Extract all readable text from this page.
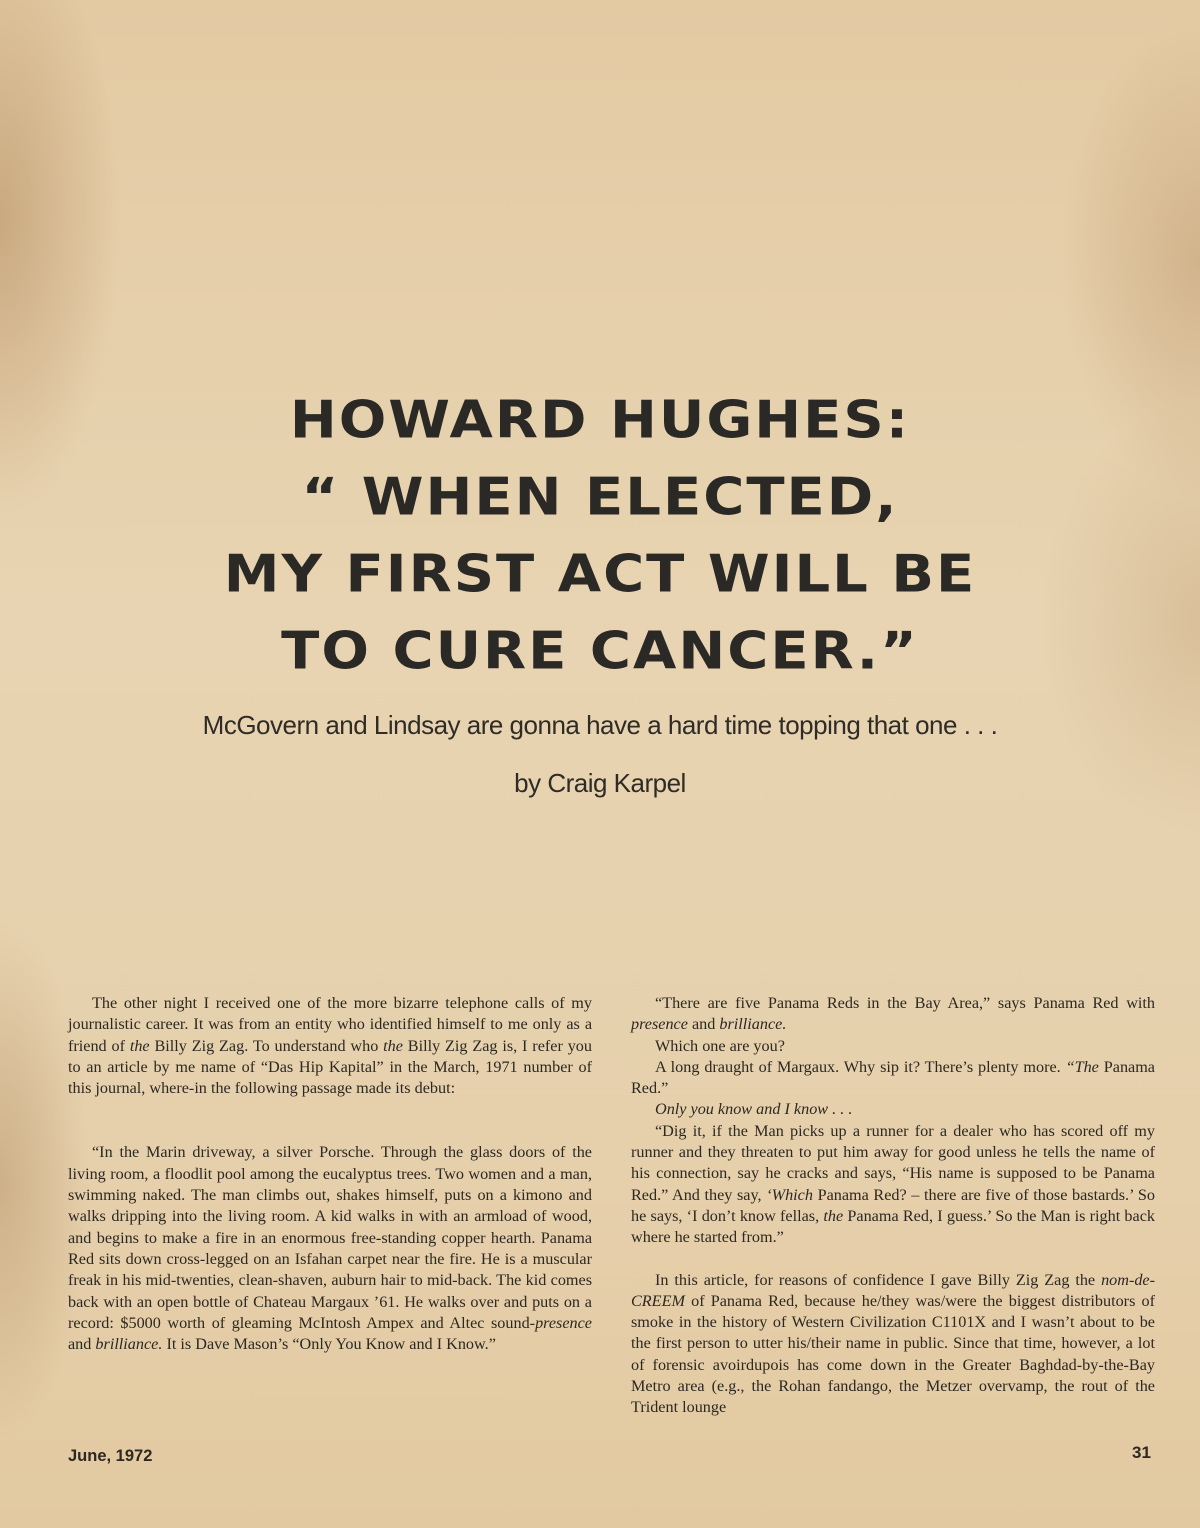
HOWARD HUGHES:
“ WHEN ELECTED,
MY FIRST ACT WILL BE
TO CURE CANCER.”
McGovern and Lindsay are gonna have a hard time topping that one . . .
by Craig Karpel

The other night I received one of the more bizarre telephone calls of my journalistic career. It was from an entity who identified himself to me only as a friend of the Billy Zig Zag. To understand who the Billy Zig Zag is, I refer you to an article by me name of “Das Hip Kapital” in the March, 1971 number of this journal, where-in the following passage made its debut:

“In the Marin driveway, a silver Porsche. Through the glass doors of the living room, a floodlit pool among the eucalyptus trees. Two women and a man, swimming naked. The man climbs out, shakes himself, puts on a kimono and walks dripping into the living room. A kid walks in with an armload of wood, and begins to make a fire in an enormous free-standing copper hearth. Panama Red sits down cross-legged on an Isfahan carpet near the fire. He is a muscular freak in his mid-twenties, clean-shaven, auburn hair to mid-back. The kid comes back with an open bottle of Chateau Margaux ’61. He walks over and puts on a record: $5000 worth of gleaming McIntosh Ampex and Altec sound-presence and brilliance. It is Dave Mason’s “Only You Know and I Know.”

“There are five Panama Reds in the Bay Area,” says Panama Red with presence and brilliance.

Which one are you?

A long draught of Margaux. Why sip it? There’s plenty more. “The Panama Red.”

Only you know and I know . . .

“Dig it, if the Man picks up a runner for a dealer who has scored off my runner and they threaten to put him away for good unless he tells the name of his connection, say he cracks and says, “His name is supposed to be Panama Red.” And they say, ‘Which Panama Red? – there are five of those bastards.’ So he says, ‘I don’t know fellas, the Panama Red, I guess.’ So the Man is right back where he started from.”

In this article, for reasons of confidence I gave Billy Zig Zag the nom-de-CREEM of Panama Red, because he/they was/were the biggest distributors of smoke in the history of Western Civilization C1101X and I wasn’t about to be the first person to utter his/their name in public. Since that time, however, a lot of forensic avoirdupois has come down in the Greater Baghdad-by-the-Bay Metro area (e.g., the Rohan fandango, the Metzer overvamp, the rout of the Trident lounge

June, 1972	31
